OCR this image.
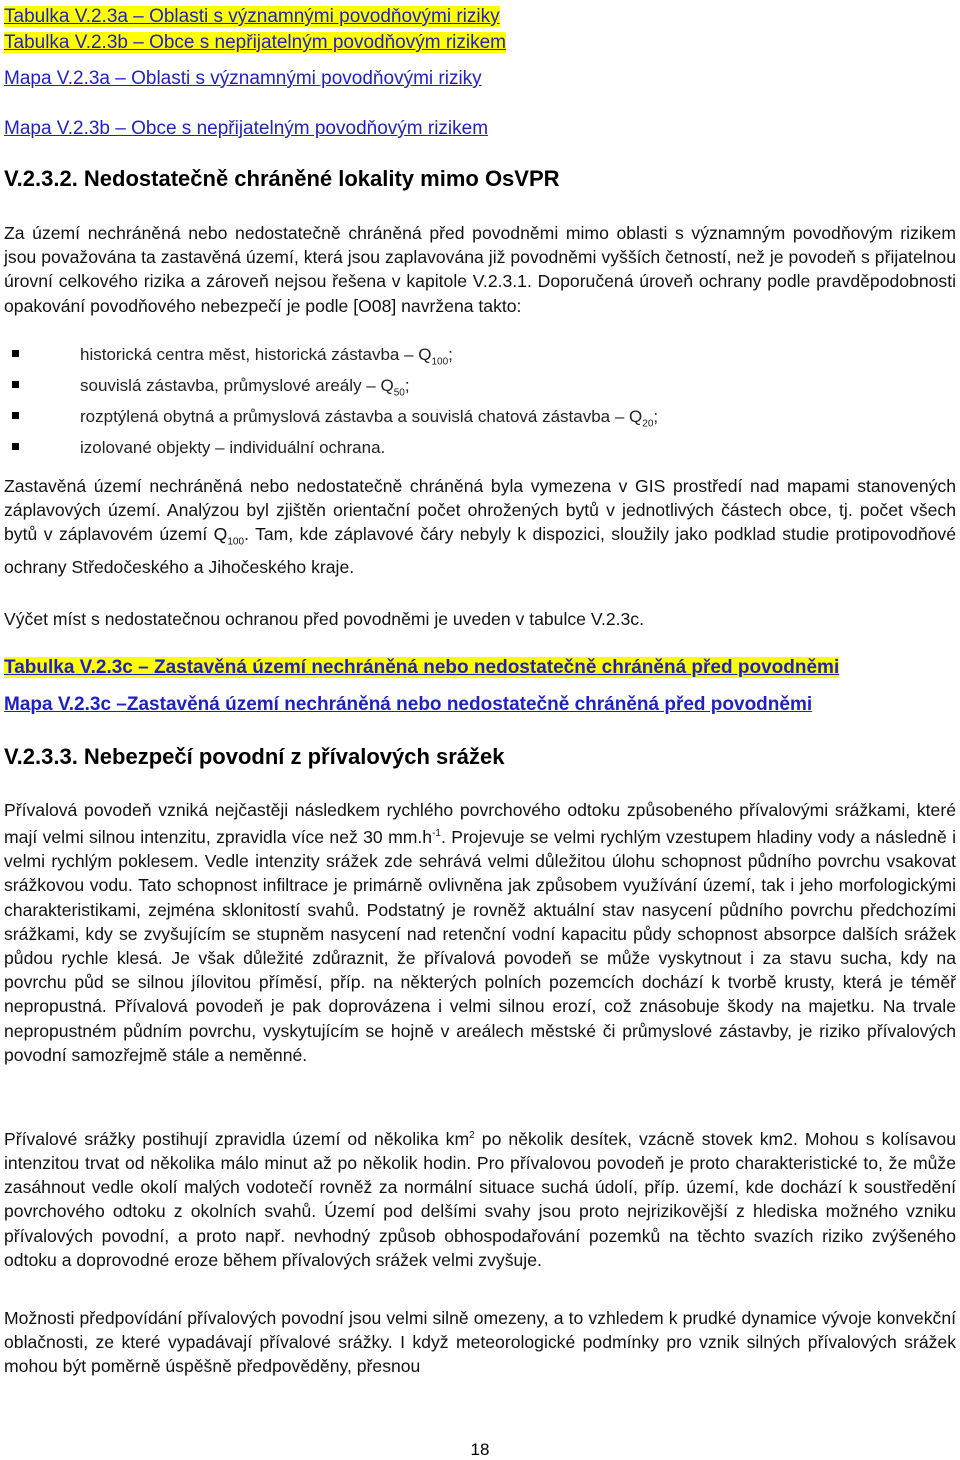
Tabulka V.2.3a – Oblasti s významnými povodňovými riziky
Tabulka V.2.3b – Obce s nepřijatelným povodňovým rizikem
Mapa V.2.3a – Oblasti s významnými povodňovými riziky
Mapa V.2.3b – Obce s nepřijatelným povodňovým rizikem
V.2.3.2. Nedostatečně chráněné lokality mimo OsVPR
Za území nechráněná nebo nedostatečně chráněná před povodněmi mimo oblasti s významným povodňovým rizikem jsou považována ta zastavěná území, která jsou zaplavována již povodněmi vyšších četností, než je povodeň s přijatelnou úrovní celkového rizika a zároveň nejsou řešena v kapitole V.2.3.1. Doporučená úroveň ochrany podle pravděpodobnosti opakování povodňového nebezpečí je podle [O08] navržena takto:
historická centra měst, historická zástavba – $Q_{100}$;
souvislá zástavba, průmyslové areály – $Q_{50}$;
rozptýlená obytná a průmyslová zástavba a souvislá chatová zástavba – $Q_{20}$;
izolované objekty – individuální ochrana.
Zastavěná území nechráněná nebo nedostatečně chráněná byla vymezena v GIS prostředí nad mapami stanovených záplavových území. Analýzou byl zjištěn orientační počet ohrožených bytů v jednotlivých částech obce, tj. počet všech bytů v záplavovém území $Q_{100}$. Tam, kde záplavové čáry nebyly k dispozici, sloužily jako podklad studie protipovodňové ochrany Středočeského a Jihočeského kraje.
Výčet míst s nedostatečnou ochranou před povodněmi je uveden v tabulce V.2.3c.
Tabulka V.2.3c – Zastavěná území nechráněná nebo nedostatečně chráněná před povodněmi
Mapa V.2.3c –Zastavěná území nechráněná nebo nedostatečně chráněná před povodněmi
V.2.3.3. Nebezpečí povodní z přívalových srážek
Přívalová povodeň vzniká nejčastěji následkem rychlého povrchového odtoku způsobeného přívalovými srážkami, které mají velmi silnou intenzitu, zpravidla více než 30 $mm.h^{-1}$. Projevuje se velmi rychlým vzestupem hladiny vody a následně i velmi rychlým poklesem. Vedle intenzity srážek zde sehrává velmi důležitou úlohu schopnost půdního povrchu vsakovat srážkovou vodu. Tato schopnost infiltrace je primárně ovlivněna jak způsobem využívání území, tak i jeho morfologickými charakteristikami, zejména sklonitostí svahů. Podstatný je rovněž aktuální stav nasycení půdního povrchu předchozími srážkami, kdy se zvyšujícím se stupněm nasycení nad retenční vodní kapacitu půdy schopnost absorpce dalších srážek půdou rychle klesá. Je však důležité zdůraznit, že přívalová povodeň se může vyskytnout i za stavu sucha, kdy na povrchu půd se silnou jílovitou příměsí, příp. na některých polních pozemcích dochází k tvorbě krusty, která je téměř nepropustná. Přívalová povodeň je pak doprovázena i velmi silnou erozí, což znásobuje škody na majetku. Na trvale nepropustném půdním povrchu, vyskytujícím se hojně v areálech městské či průmyslové zástavby, je riziko přívalových povodní samozřejmě stále a neměnné.
Přívalové srážky postihují zpravidla území od několika $km^2$ po několik desítek, vzácně stovek km2. Mohou s kolísavou intenzitou trvat od několika málo minut až po několik hodin. Pro přívalovou povodeň je proto charakteristické to, že může zasáhnout vedle okolí malých vodotečí rovněž za normální situace suchá údolí, příp. území, kde dochází k soustředění povrchového odtoku z okolních svahů. Území pod delšími svahy jsou proto nejrizikovější z hlediska možného vzniku přívalových povodní, a proto např. nevhodný způsob obhospodařování pozemků na těchto svazích riziko zvýšeného odtoku a doprovodné eroze během přívalových srážek velmi zvyšuje.
Možnosti předpovídání přívalových povodní jsou velmi silně omezeny, a to vzhledem k prudké dynamice vývoje konvekční oblačnosti, ze které vypadávají přívalové srážky. I když meteorologické podmínky pro vznik silných přívalových srážek mohou být poměrně úspěšně předpověděny, přesnou
18
